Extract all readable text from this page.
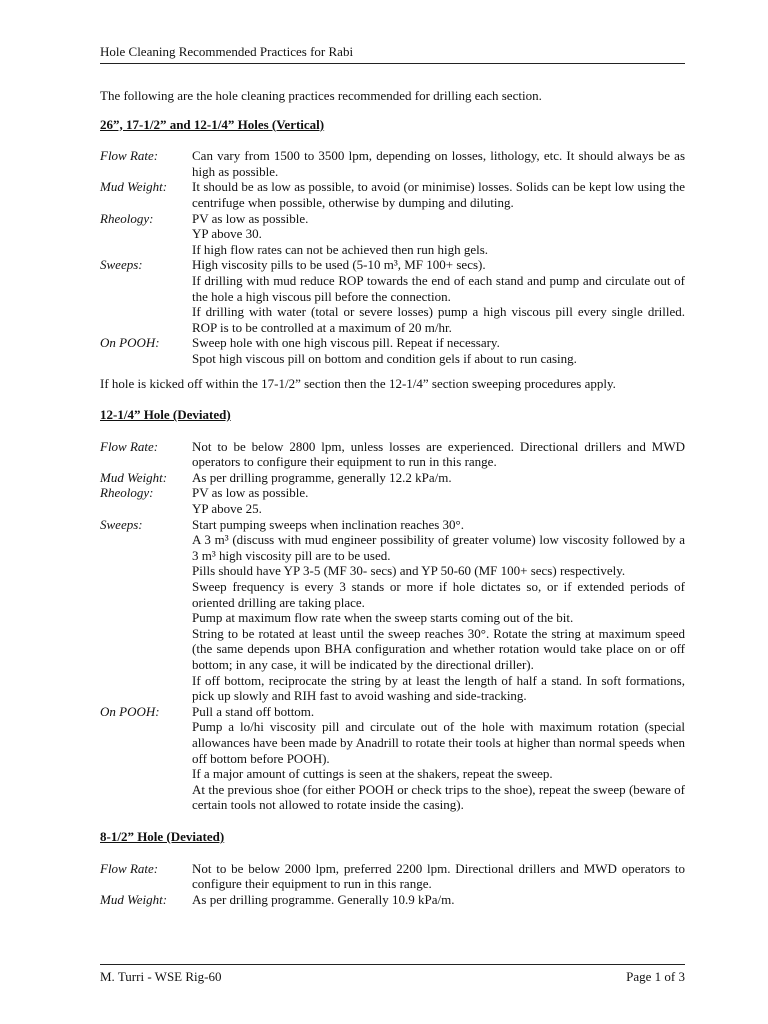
Hole Cleaning Recommended Practices for Rabi

The following are the hole cleaning practices recommended for drilling each section.

26”, 17-1/2” and 12-1/4” Holes (Vertical)

Flow Rate:	Can vary from 1500 to 3500 lpm, depending on losses, lithology, etc. It should always be as high as possible.

Mud Weight:	It should be as low as possible, to avoid (or minimise) losses. Solids can be kept low using the centrifuge when possible, otherwise by dumping and diluting.

Rheology:	PV as low as possible.

YP above 30.

If high flow rates can not be achieved then run high gels.

Sweeps:	High viscosity pills to be used (5-10 m³, MF 100+ secs).

If drilling with mud reduce ROP towards the end of each stand and pump and circulate out of the hole a high viscous pill before the connection.

If drilling with water (total or severe losses) pump a high viscous pill every single drilled. ROP is to be controlled at a maximum of 20 m/hr.

On POOH:	Sweep hole with one high viscous pill. Repeat if necessary.

Spot high viscous pill on bottom and condition gels if about to run casing.

If hole is kicked off within the 17-1/2” section then the 12-1/4” section sweeping procedures apply.

12-1/4” Hole (Deviated)

Flow Rate:	Not to be below 2800 lpm, unless losses are experienced. Directional drillers and MWD operators to configure their equipment to run in this range.

Mud Weight:	As per drilling programme, generally 12.2 kPa/m.

Rheology:	PV as low as possible.

YP above 25.

Sweeps:	Start pumping sweeps when inclination reaches 30°.

A 3 m³ (discuss with mud engineer possibility of greater volume) low viscosity followed by a 3 m³ high viscosity pill are to be used.

Pills should have YP 3-5 (MF 30- secs) and YP 50-60 (MF 100+ secs) respectively.

Sweep frequency is every 3 stands or more if hole dictates so, or if extended periods of oriented drilling are taking place.

Pump at maximum flow rate when the sweep starts coming out of the bit.

String to be rotated at least until the sweep reaches 30°. Rotate the string at maximum speed (the same depends upon BHA configuration and whether rotation would take place on or off bottom; in any case, it will be indicated by the directional driller).

If off bottom, reciprocate the string by at least the length of half a stand. In soft formations, pick up slowly and RIH fast to avoid washing and side-tracking.

On POOH:	Pull a stand off bottom.

Pump a lo/hi viscosity pill and circulate out of the hole with maximum rotation (special allowances have been made by Anadrill to rotate their tools at higher than normal speeds when off bottom before POOH).

If a major amount of cuttings is seen at the shakers, repeat the sweep.

At the previous shoe (for either POOH or check trips to the shoe), repeat the sweep (beware of certain tools not allowed to rotate inside the casing).

8-1/2” Hole (Deviated)

Flow Rate:	Not to be below 2000 lpm, preferred 2200 lpm. Directional drillers and MWD operators to configure their equipment to run in this range.

Mud Weight:	As per drilling programme. Generally 10.9 kPa/m.

M. Turri - WSE Rig-60	Page 1 of 3
